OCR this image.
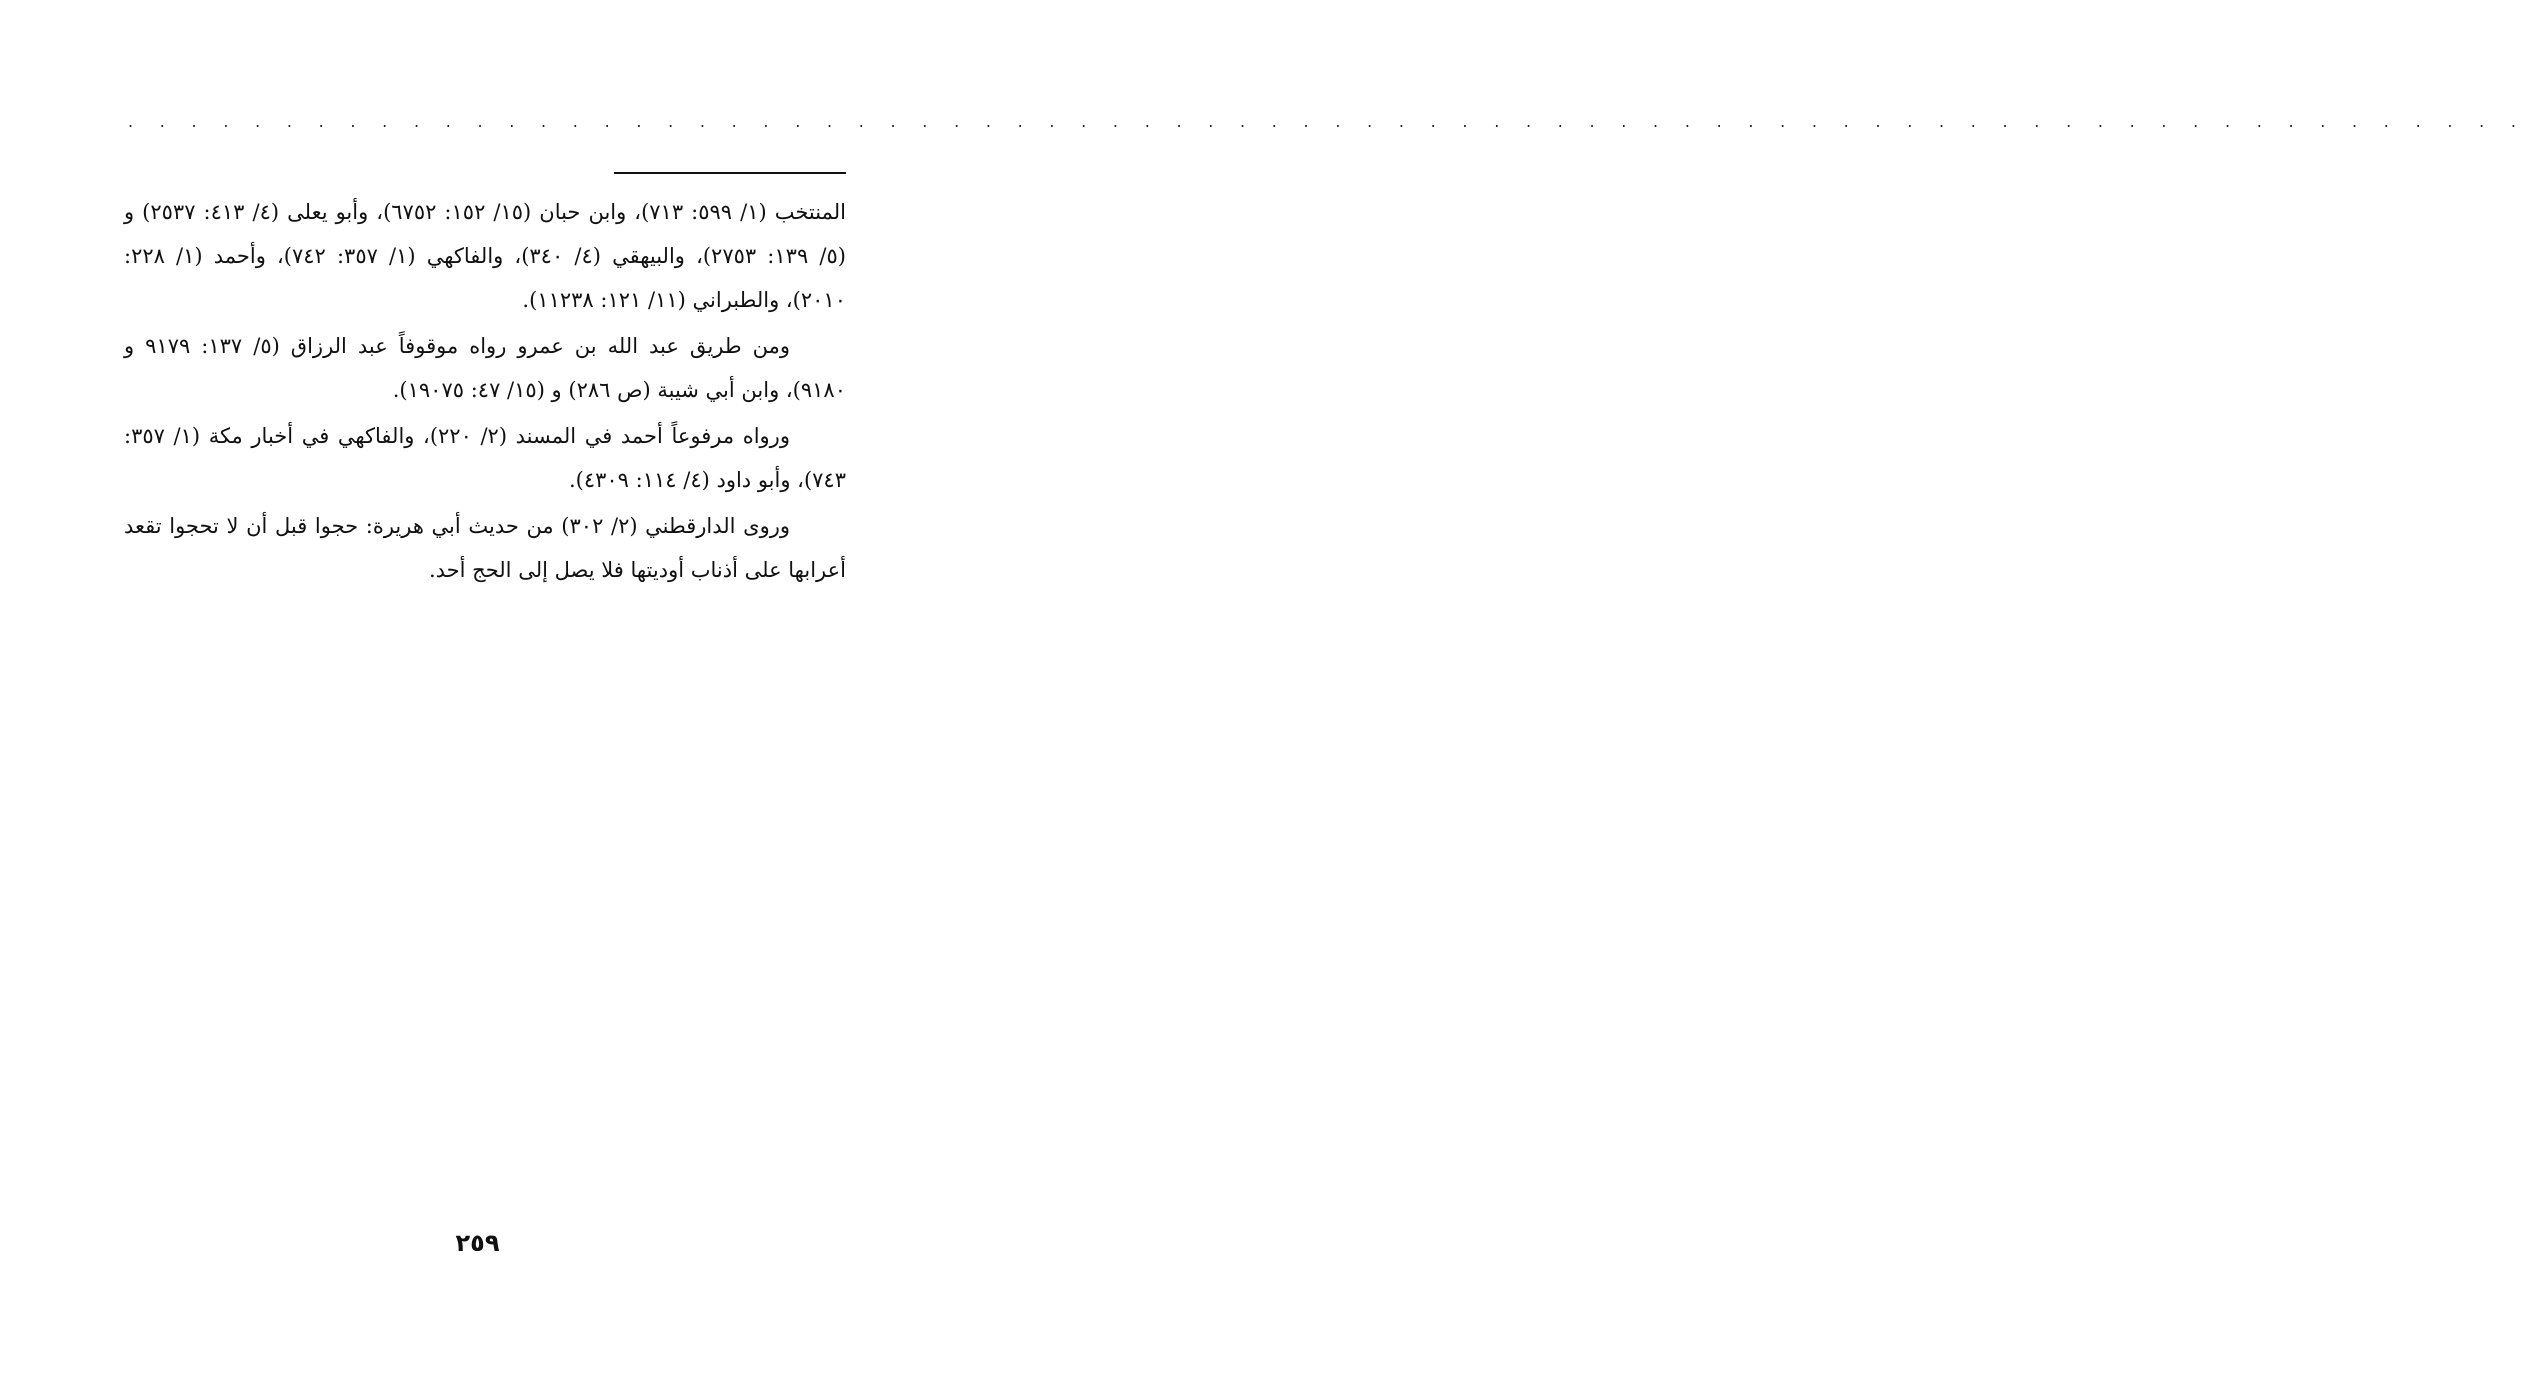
. . . . . . . . . . . . . . . . . . . . . . . . . . . . . . . . . . . . . . . . . . . . . . . . . . . . . . . . . . . . . . . . . . . . . . . . . . . .

المنتخب (١/ ٥٩٩: ٧١٣)، وابن حبان (١٥/ ١٥٢: ٦٧٥٢)، وأبو يعلى (٤/ ٤١٣: ٢٥٣٧) و (٥/ ١٣٩: ٢٧٥٣)، والبيهقي (٤/ ٣٤٠)، والفاكهي (١/ ٣٥٧: ٧٤٢)، وأحمد (١/ ٢٢٨: ٢٠١٠)، والطبراني (١١/ ١٢١: ١١٢٣٨).

ومن طريق عبد الله بن عمرو رواه موقوفاً عبد الرزاق (٥/ ١٣٧: ٩١٧٩ و ٩١٨٠)، وابن أبي شيبة (ص ٢٨٦) و (١٥/ ٤٧: ١٩٠٧٥).

ورواه مرفوعاً أحمد في المسند (٢/ ٢٢٠)، والفاكهي في أخبار مكة (١/ ٣٥٧: ٧٤٣)، وأبو داود (٤/ ١١٤: ٤٣٠٩).

وروى الدارقطني (٢/ ٣٠٢) من حديث أبي هريرة: حجوا قبل أن لا تحجوا تقعد أعرابها على أذناب أوديتها فلا يصل إلى الحج أحد.

٢٥٩
